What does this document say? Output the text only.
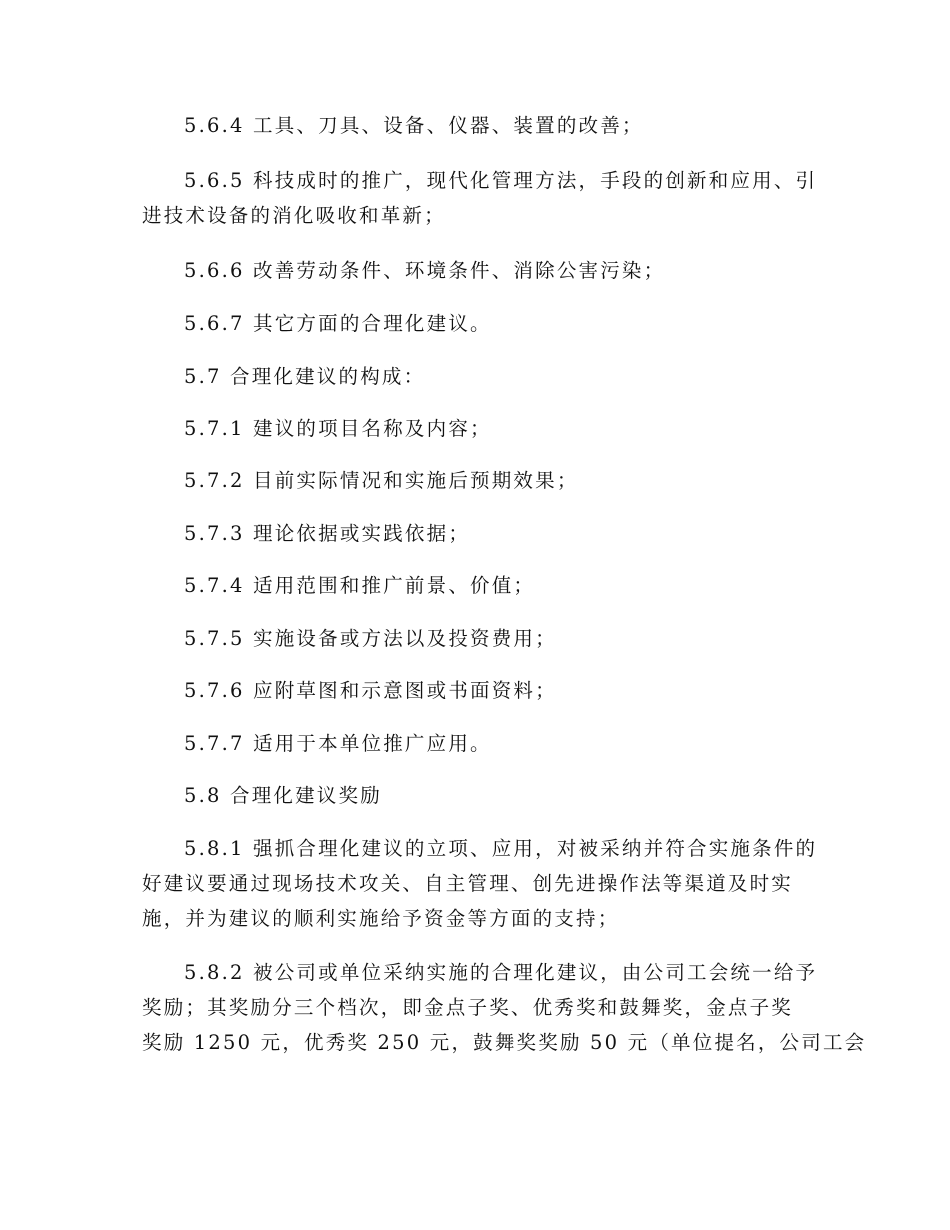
5.6.4 工具、刀具、设备、仪器、装置的改善；
5.6.5 科技成时的推广，现代化管理方法，手段的创新和应用、引
进技术设备的消化吸收和革新；
5.6.6 改善劳动条件、环境条件、消除公害污染；
5.6.7 其它方面的合理化建议。
5.7 合理化建议的构成：
5.7.1 建议的项目名称及内容；
5.7.2 目前实际情况和实施后预期效果；
5.7.3 理论依据或实践依据；
5.7.4 适用范围和推广前景、价值；
5.7.5 实施设备或方法以及投资费用；
5.7.6 应附草图和示意图或书面资料；
5.7.7 适用于本单位推广应用。
5.8 合理化建议奖励
5.8.1 强抓合理化建议的立项、应用，对被采纳并符合实施条件的
好建议要通过现场技术攻关、自主管理、创先进操作法等渠道及时实
施，并为建议的顺利实施给予资金等方面的支持；
5.8.2 被公司或单位采纳实施的合理化建议，由公司工会统一给予
奖励；其奖励分三个档次，即金点子奖、优秀奖和鼓舞奖，金点子奖
奖励 1250 元，优秀奖 250 元，鼓舞奖奖励 50 元（单位提名，公司工会
